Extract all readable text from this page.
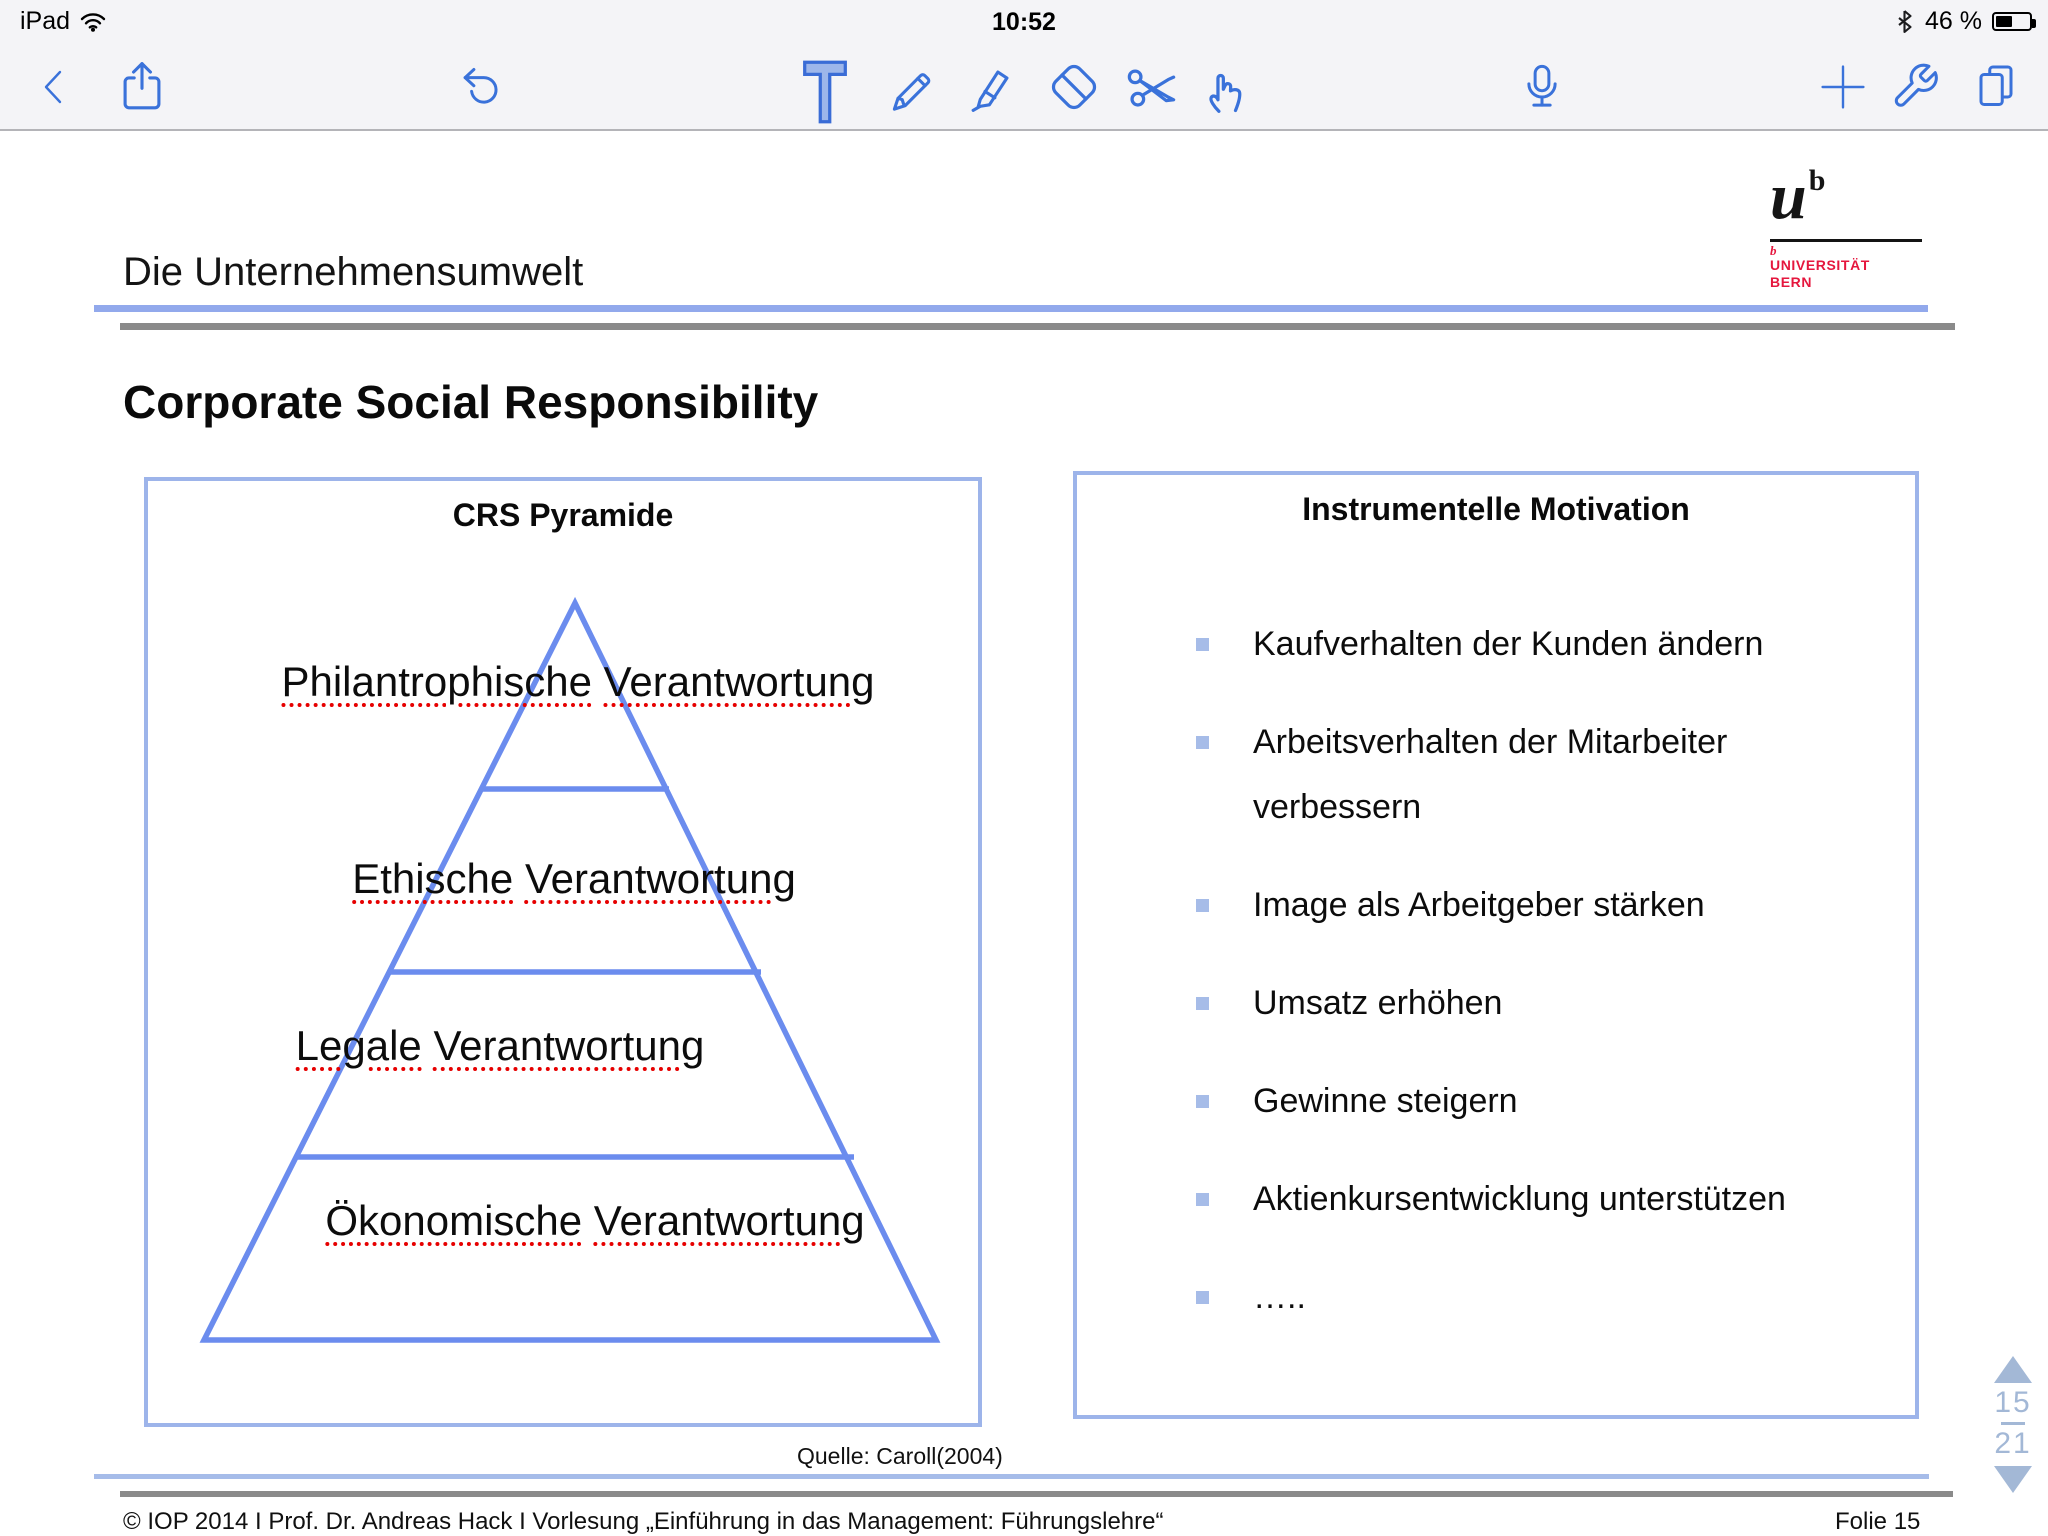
iPad	10:52	46 %
Die Unternehmensumwelt
$u^b$
b
UNIVERSITÄT
BERN
Corporate Social Responsibility
CRS Pyramide
Philantrophische Verantwortung
Ethische Verantwortung
Legale Verantwortung
Ökonomische Verantwortung
Quelle: Caroll(2004)
Instrumentelle Motivation
Kaufverhalten der Kunden ändern
Arbeitsverhalten der Mitarbeiter verbessern
Image als Arbeitgeber stärken
Umsatz erhöhen
Gewinne steigern
Aktienkursentwicklung unterstützen
…..
© IOP 2014 I Prof. Dr. Andreas Hack I Vorlesung „Einführung in das Management: Führungslehre“	Folie 15
15
21
